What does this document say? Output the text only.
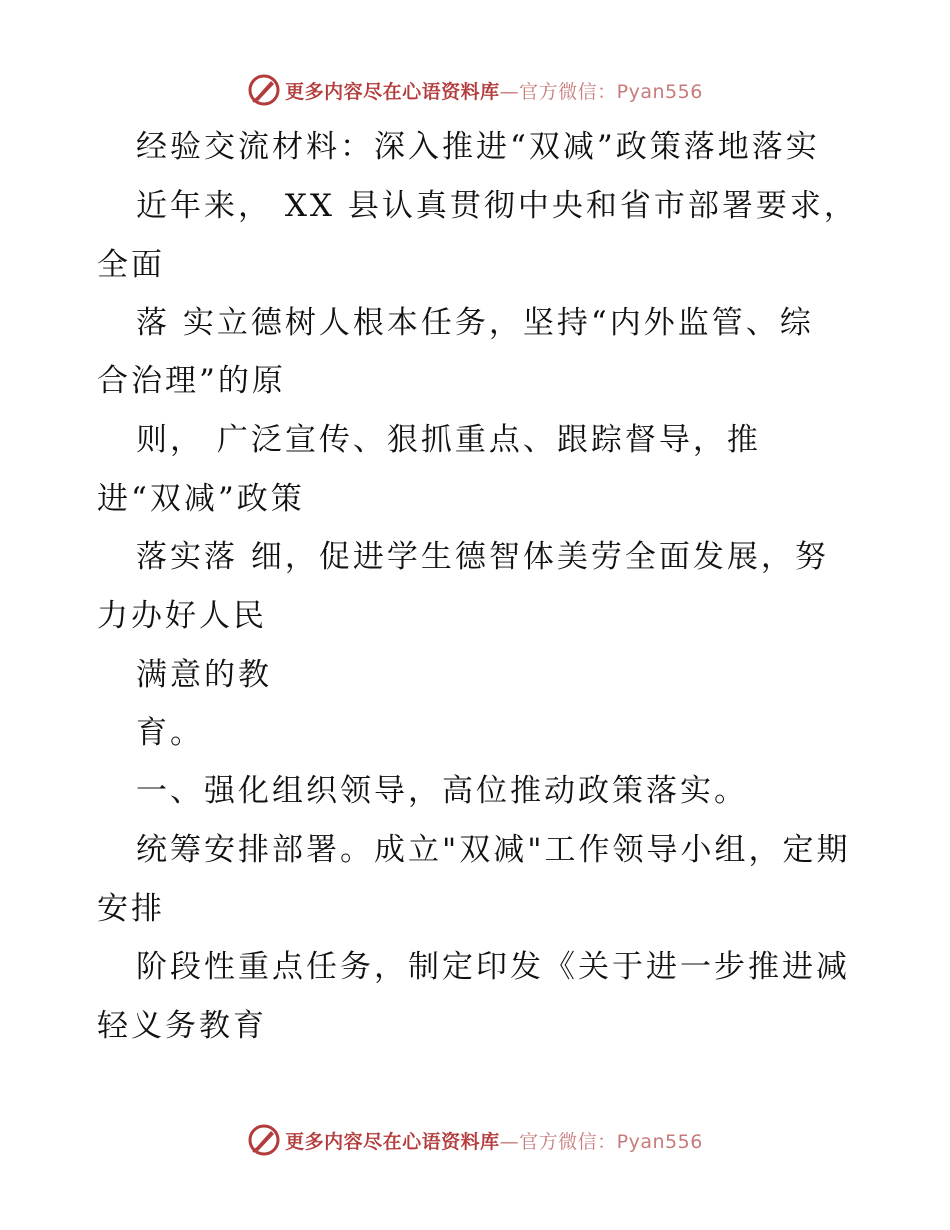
更多内容尽在心语资料库—官方微信：Pyan556
经验交流材料：深入推进“双减”政策落地落实
近年来， XX 县认真贯彻中央和省市部署要求，
全面
落 实立德树人根本任务，坚持“内外监管、综
合治理”的原
则， 广泛宣传、狠抓重点、跟踪督导，推
进“双减”政策
落实落 细，促进学生德智体美劳全面发展，努
力办好人民
满意的教
育。
一、强化组织领导，高位推动政策落实。
统筹安排部署。成立"双减"工作领导小组，定期
安排
阶段性重点任务，制定印发《关于进一步推进减
轻义务教育
更多内容尽在心语资料库—官方微信：Pyan556
